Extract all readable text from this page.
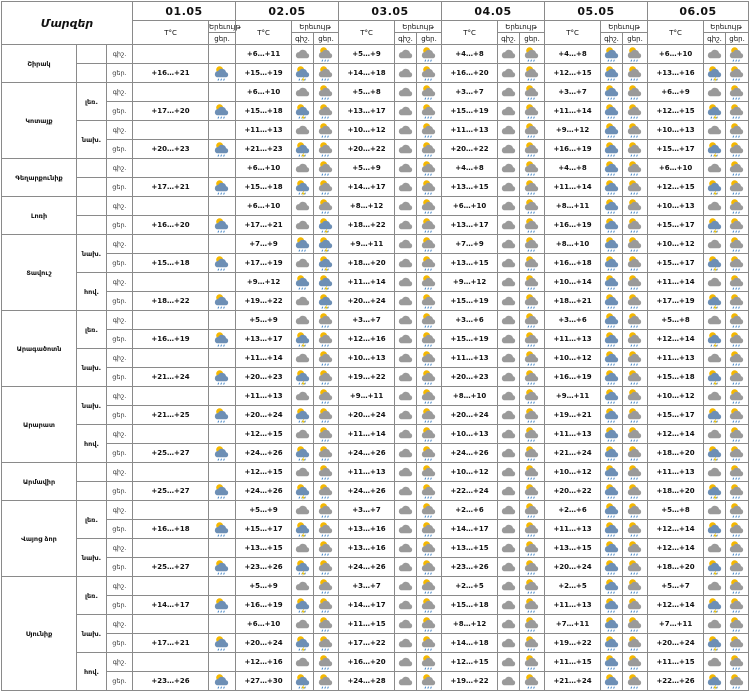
Մարզեր			01.05		02.05			03.05			04.05			05.05			06.05		
			T°C	Երեւույթ	T°C	Երեւույթ		T°C	Երեւույթ		T°C	Երեւույթ		T°C	Երեւույթ		T°C	Երեւույթ	
				ցեր.		գիշ.	ցեր.		գիշ.	ցեր.		գիշ.	ցեր.		գիշ.	ցեր.		գիշ.	ցեր.
Շիրակ		գիշ.			+6…+11			+5…+9			+4…+8			+4…+8			+6…+10	

		ցեր.	+16…+21		+15…+19			+14…+18			+16…+20			+12…+15			+13…+16	

Կոտայք	լեռ.	գիշ.			+6…+10			+5…+8			+3…+7			+3…+7			+6…+9	

		ցեր.	+17…+20		+15…+18			+13…+17			+15…+19			+11…+14			+12…+15	

	նախ.	գիշ.			+11…+13			+10…+12			+11…+13			+9…+12			+10…+13	

		ցեր.	+20…+23		+21…+23			+20…+22			+20…+22			+16…+19			+15…+17	

Գեղարքունիք		գիշ.			+6…+10			+5…+9			+4…+8			+4…+8			+6…+10	

		ցեր.	+17…+21		+15…+18			+14…+17			+13…+15			+11…+14			+12…+15	

Լոռի		գիշ.			+6…+10			+8…+12			+6…+10			+8…+11			+10…+13	

		ցեր.	+16…+20		+17…+21			+18…+22			+13…+17			+16…+19			+15…+17	

Տավուշ	նախ.	գիշ.			+7…+9			+9…+11			+7…+9			+8…+10			+10…+12	

		ցեր.	+15…+18		+17…+19			+18…+20			+13…+15			+16…+18			+15…+17	

	հով.	գիշ.			+9…+12			+11…+14			+9…+12			+10…+14			+11…+14	

		ցեր.	+18…+22		+19…+22			+20…+24			+15…+19			+18…+21			+17…+19	

Արագածոտն	լեռ.	գիշ.			+5…+9			+3…+7			+3…+6			+3…+6			+5…+8	

		ցեր.	+16…+19		+13…+17			+12…+16			+15…+19			+11…+13			+12…+14	

	նախ.	գիշ.			+11…+14			+10…+13			+11…+13			+10…+12			+11…+13	

		ցեր.	+21…+24		+20…+23			+19…+22			+20…+23			+16…+19			+15…+18	

Արարատ	նախ.	գիշ.			+11…+13			+9…+11			+8…+10			+9…+11			+10…+12	

		ցեր.	+21…+25		+20…+24			+20…+24			+20…+24			+19…+21			+15…+17	

	հով.	գիշ.			+12…+15			+11…+14			+10…+13			+11…+13			+12…+14	

		ցեր.	+25…+27		+24…+26			+24…+26			+24…+26			+21…+24			+18…+20	

Արմավիր		գիշ.			+12…+15			+11…+13			+10…+12			+10…+12			+11…+13	

		ցեր.	+25…+27		+24…+26			+24…+26			+22…+24			+20…+22			+18…+20	

Վայոց ձոր	լեռ.	գիշ.			+5…+9			+3…+7			+2…+6			+2…+6			+5…+8	

		ցեր.	+16…+18		+15…+17			+13…+16			+14…+17			+11…+13			+12…+14	

	նախ.	գիշ.			+13…+15			+13…+16			+13…+15			+13…+15			+12…+14	

		ցեր.	+25…+27		+23…+26			+24…+26			+23…+26			+20…+24			+18…+20	

Սյունիք	լեռ.	գիշ.			+5…+9			+3…+7			+2…+5			+2…+5			+5…+7	

		ցեր.	+14…+17		+16…+19			+14…+17			+15…+18			+11…+13			+12…+14	

	նախ.	գիշ.			+6…+10			+11…+15			+8…+12			+7…+11			+7…+11	

		ցեր.	+17…+21		+20…+24			+17…+22			+14…+18			+19…+22			+20…+24	

	հով.	գիշ.			+12…+16			+16…+20			+12…+15			+11…+15			+11…+15	

		ցեր.	+23…+26		+27…+30			+24…+28			+19…+22			+21…+24			+22…+26	
